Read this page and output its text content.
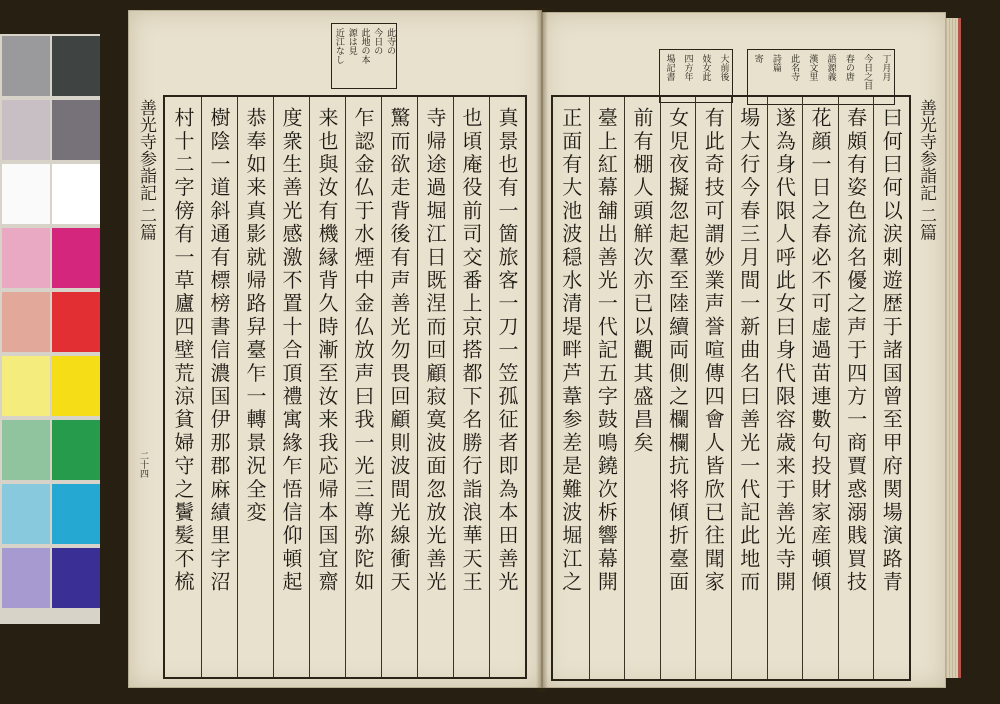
此寺の
今日の
此地の本
源は見
近江なし
善光寺参詣記 二篇
二十四	真景也有一箇旅客一刀一笠孤征者即為本田善光
也頃庵役前司交番上京搭都下名勝行詣浪華天王
寺帰途過堀江日既涅而回顧寂寞波面忽放光善光
驚而欲走背後有声善光勿畏回顧則波間光線衝天
乍認金仏于水煙中金仏放声曰我一光三尊弥陀如
来也與汝有機縁背久時漸至汝来我応帰本国宜齋
度衆生善光感激不置十合頂禮寓緣乍悟信仰頓起
恭奉如来真影就帰路舁臺乍一轉景況全変
樹陰一道斜通有標榜書信濃国伊那郡麻績里字沼
村十二字傍有一草廬四壁荒涼貧婦守之鬢髪不梳
丁月月
今日之目
春の唐
語源義
漢文里
此名寺
詩篇
寄
大前後
妓女此
四方年
場記書
曰何曰何以涙刺遊歴于諸国曾至甲府関場演路青
春頗有姿色流名優之声于四方一商賈惑溺賎買技
花顔一日之春必不可虚過苗連數句投財家産頓傾
遂為身代限人呼此女曰身代限容歳来于善光寺開
場大行今春三月間一新曲名曰善光一代記此地而
有此奇技可謂妙業声誉喧傳四會人皆欣已往聞家
女児夜擬忽起羣至陸續両側之欄欄抗将傾折臺面
前有棚人頭觧次亦已以觀其盛昌矣
臺上紅幕舖出善光一代記五字鼓鳴鐃次柝響幕開
正面有大池波穏水清堤畔芦葦参差是難波堀江之	善光寺参詣記 二篇
